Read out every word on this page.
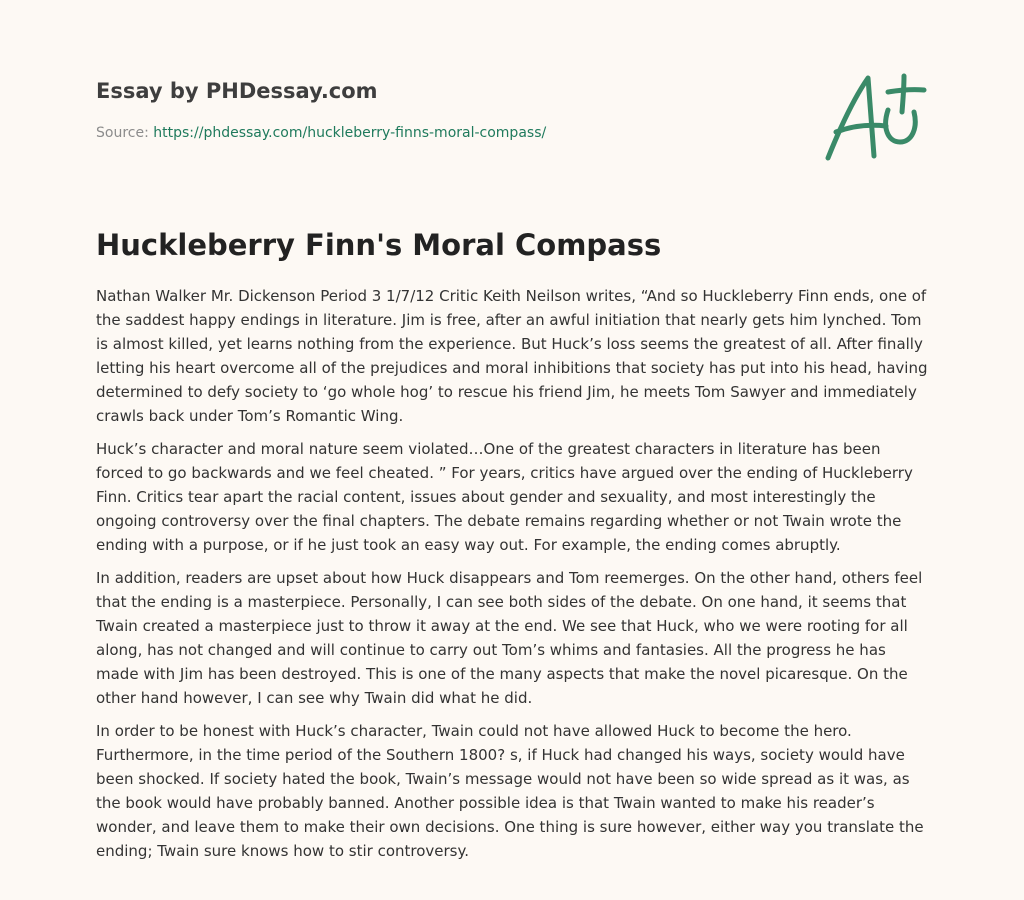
Essay by PHDessay.com
Source: https://phdessay.com/huckleberry-finns-moral-compass/
Huckleberry Finn's Moral Compass

Nathan Walker Mr. Dickenson Period 3 1/7/12 Critic Keith Neilson writes, “And so Huckleberry Finn ends, one of the saddest happy endings in literature. Jim is free, after an awful initiation that nearly gets him lynched. Tom is almost killed, yet learns nothing from the experience. But Huck’s loss seems the greatest of all. After finally letting his heart overcome all of the prejudices and moral inhibitions that society has put into his head, having determined to defy society to ‘go whole hog’ to rescue his friend Jim, he meets Tom Sawyer and immediately crawls back under Tom’s Romantic Wing.

Huck’s character and moral nature seem violated…One of the greatest characters in literature has been forced to go backwards and we feel cheated. ” For years, critics have argued over the ending of Huckleberry Finn. Critics tear apart the racial content, issues about gender and sexuality, and most interestingly the ongoing controversy over the final chapters. The debate remains regarding whether or not Twain wrote the ending with a purpose, or if he just took an easy way out. For example, the ending comes abruptly.

In addition, readers are upset about how Huck disappears and Tom reemerges. On the other hand, others feel that the ending is a masterpiece. Personally, I can see both sides of the debate. On one hand, it seems that Twain created a masterpiece just to throw it away at the end. We see that Huck, who we were rooting for all along, has not changed and will continue to carry out Tom’s whims and fantasies. All the progress he has made with Jim has been destroyed. This is one of the many aspects that make the novel picaresque. On the other hand however, I can see why Twain did what he did.

In order to be honest with Huck’s character, Twain could not have allowed Huck to become the hero. Furthermore, in the time period of the Southern 1800? s, if Huck had changed his ways, society would have been shocked. If society hated the book, Twain’s message would not have been so wide spread as it was, as the book would have probably banned. Another possible idea is that Twain wanted to make his reader’s wonder, and leave them to make their own decisions. One thing is sure however, either way you translate the ending; Twain sure knows how to stir controversy.
